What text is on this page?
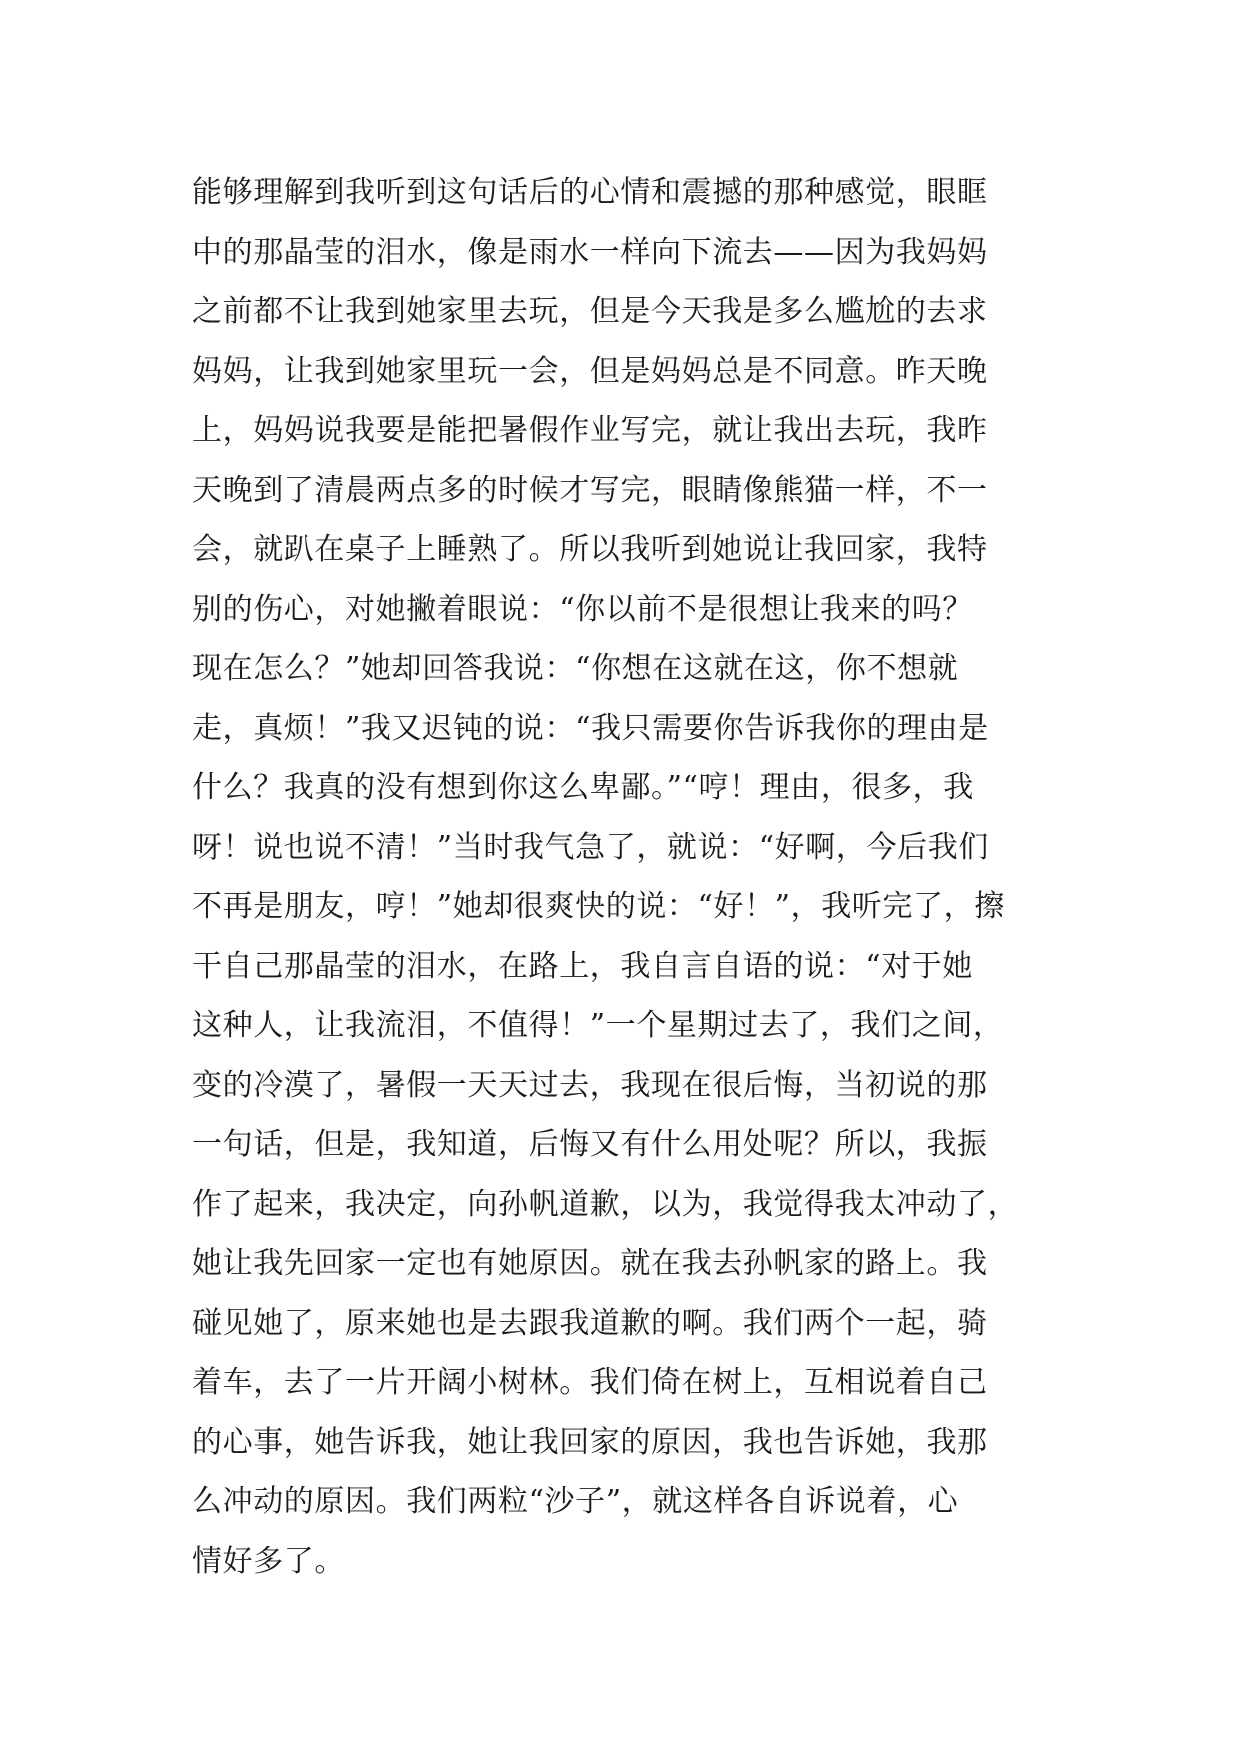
能够理解到我听到这句话后的心情和震撼的那种感觉，眼眶
中的那晶莹的泪水，像是雨水一样向下流去——因为我妈妈
之前都不让我到她家里去玩，但是今天我是多么尴尬的去求
妈妈，让我到她家里玩一会，但是妈妈总是不同意。昨天晚
上，妈妈说我要是能把暑假作业写完，就让我出去玩，我昨
天晚到了清晨两点多的时候才写完，眼睛像熊猫一样，不一
会，就趴在桌子上睡熟了。所以我听到她说让我回家，我特
别的伤心，对她撇着眼说：“你以前不是很想让我来的吗？
现在怎么？”她却回答我说：“你想在这就在这，你不想就
走，真烦！”我又迟钝的说：“我只需要你告诉我你的理由是
什么？我真的没有想到你这么卑鄙。”“哼！理由，很多，我
呀！说也说不清！”当时我气急了，就说：“好啊，今后我们
不再是朋友，哼！”她却很爽快的说：“好！”，我听完了，擦
干自己那晶莹的泪水，在路上，我自言自语的说：“对于她
这种人，让我流泪，不值得！”一个星期过去了，我们之间，
变的冷漠了，暑假一天天过去，我现在很后悔，当初说的那
一句话，但是，我知道，后悔又有什么用处呢？所以，我振
作了起来，我决定，向孙帆道歉，以为，我觉得我太冲动了，
她让我先回家一定也有她原因。就在我去孙帆家的路上。我
碰见她了，原来她也是去跟我道歉的啊。我们两个一起，骑
着车，去了一片开阔小树林。我们倚在树上，互相说着自己
的心事，她告诉我，她让我回家的原因，我也告诉她，我那
么冲动的原因。我们两粒“沙子”，就这样各自诉说着，心
情好多了。
